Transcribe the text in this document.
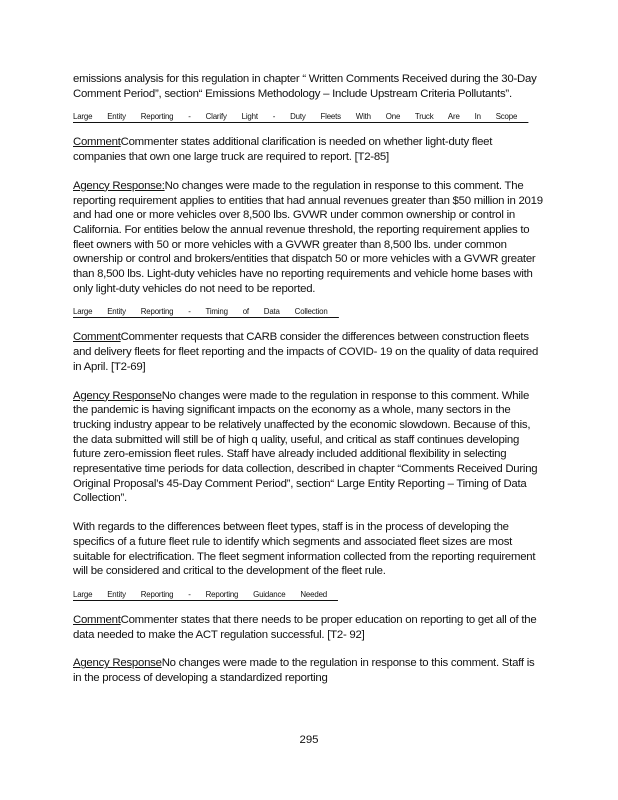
emissions analysis for this regulation in chapter “ Written Comments Received during the 30-Day Comment Period”, section“ Emissions Methodology – Include Upstream Criteria Pollutants”.

Large Entity Reporting - Clarify Light - Duty Fleets With One Truck Are In Scope

CommentCommenter states additional clarification is needed on whether light-duty fleet companies that own one large truck are required to report. [T2-85]

Agency Response:No changes were made to the regulation in response to this comment. The reporting requirement applies to entities that had annual revenues greater than $50 million in 2019 and had one or more vehicles over 8,500 lbs. GVWR under common ownership or control in California. For entities below the annual revenue threshold, the reporting requirement applies to fleet owners with 50 or more vehicles with a GVWR greater than 8,500 lbs. under common ownership or control and brokers/entities that dispatch 50 or more vehicles with a GVWR greater than 8,500 lbs. Light-duty vehicles have no reporting requirements and vehicle home bases with only light-duty vehicles do not need to be reported.

Large Entity Reporting - Timing of Data Collection

CommentCommenter requests that CARB consider the differences between construction fleets and delivery fleets for fleet reporting and the impacts of COVID- 19 on the quality of data required in April. [T2-69]

Agency ResponseNo changes were made to the regulation in response to this comment. While the pandemic is having significant impacts on the economy as a whole, many sectors in the trucking industry appear to be relatively unaffected by the economic slowdown. Because of this, the data submitted will still be of high q uality, useful, and critical as staff continues developing future zero-emission fleet rules. Staff have already included additional flexibility in selecting representative time periods for data collection, described in chapter “Comments Received During Original Proposal’s 45-Day Comment Period”, section“ Large Entity Reporting – Timing of Data Collection”.

With regards to the differences between fleet types, staff is in the process of developing the specifics of a future fleet rule to identify which segments and associated fleet sizes are most suitable for electrification. The fleet segment information collected from the reporting requirement will be considered and critical to the development of the fleet rule.

Large Entity Reporting - Reporting Guidance Needed

CommentCommenter states that there needs to be proper education on reporting to get all of the data needed to make the ACT regulation successful. [T2- 92]

Agency ResponseNo changes were made to the regulation in response to this comment. Staff is in the process of developing a standardized reporting

295
